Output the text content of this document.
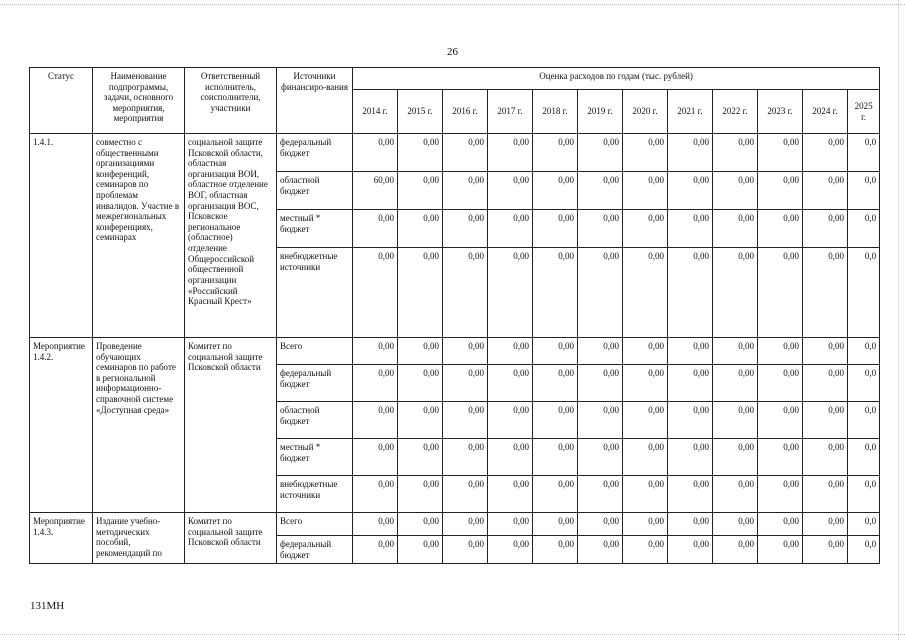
26
Статус	Наименование подпрограммы, задачи, основного мероприятия, мероприятия	Ответственный исполнитель, соисполнители, участники	Источники финансиро-вания	Оценка расходов по годам (тыс. рублей)											
				2014 г.	2015 г.	2016 г.	2017 г.	2018 г.	2019 г.	2020 г.	2021 г.	2022 г.	2023 г.	2024 г.	2025 г.
1.4.1.	совместно с общественными организациями конференций, семинаров по проблемам инвалидов. Участие в межрегиональных конференциях, семинарах	социальной защите Псковской области, областная организация ВОИ, областное отделение ВОГ, областная организация ВОС, Псковское региональное (областное) отделение Общероссийской общественной организации «Российский Красный Крест»	федеральный бюджет	0,00	0,00	0,00	0,00	0,00	0,00	0,00	0,00	0,00	0,00	0,00	0,0
			областной бюджет	60,00	0,00	0,00	0,00	0,00	0,00	0,00	0,00	0,00	0,00	0,00	0,0
			местный * бюджет	0,00	0,00	0,00	0,00	0,00	0,00	0,00	0,00	0,00	0,00	0,00	0,0
			внебюджетные источники	0,00	0,00	0,00	0,00	0,00	0,00	0,00	0,00	0,00	0,00	0,00	0,0
Мероприятие 1.4.2.	Проведение обучающих семинаров по работе в региональной информационно-справочной системе «Доступная среда»	Комитет по социальной защите Псковской области	Всего	0,00	0,00	0,00	0,00	0,00	0,00	0,00	0,00	0,00	0,00	0,00	0,0
			федеральный бюджет	0,00	0,00	0,00	0,00	0,00	0,00	0,00	0,00	0,00	0,00	0,00	0,0
			областной бюджет	0,00	0,00	0,00	0,00	0,00	0,00	0,00	0,00	0,00	0,00	0,00	0,0
			местный * бюджет	0,00	0,00	0,00	0,00	0,00	0,00	0,00	0,00	0,00	0,00	0,00	0,0
			внебюджетные источники	0,00	0,00	0,00	0,00	0,00	0,00	0,00	0,00	0,00	0,00	0,00	0,0
Мероприятие 1.4.3.	Издание учебно-методических пособий, рекомендаций по	Комитет по социальной защите Псковской области	Всего	0,00	0,00	0,00	0,00	0,00	0,00	0,00	0,00	0,00	0,00	0,00	0,0
			федеральный бюджет	0,00	0,00	0,00	0,00	0,00	0,00	0,00	0,00	0,00	0,00	0,00	0,0
131МН
